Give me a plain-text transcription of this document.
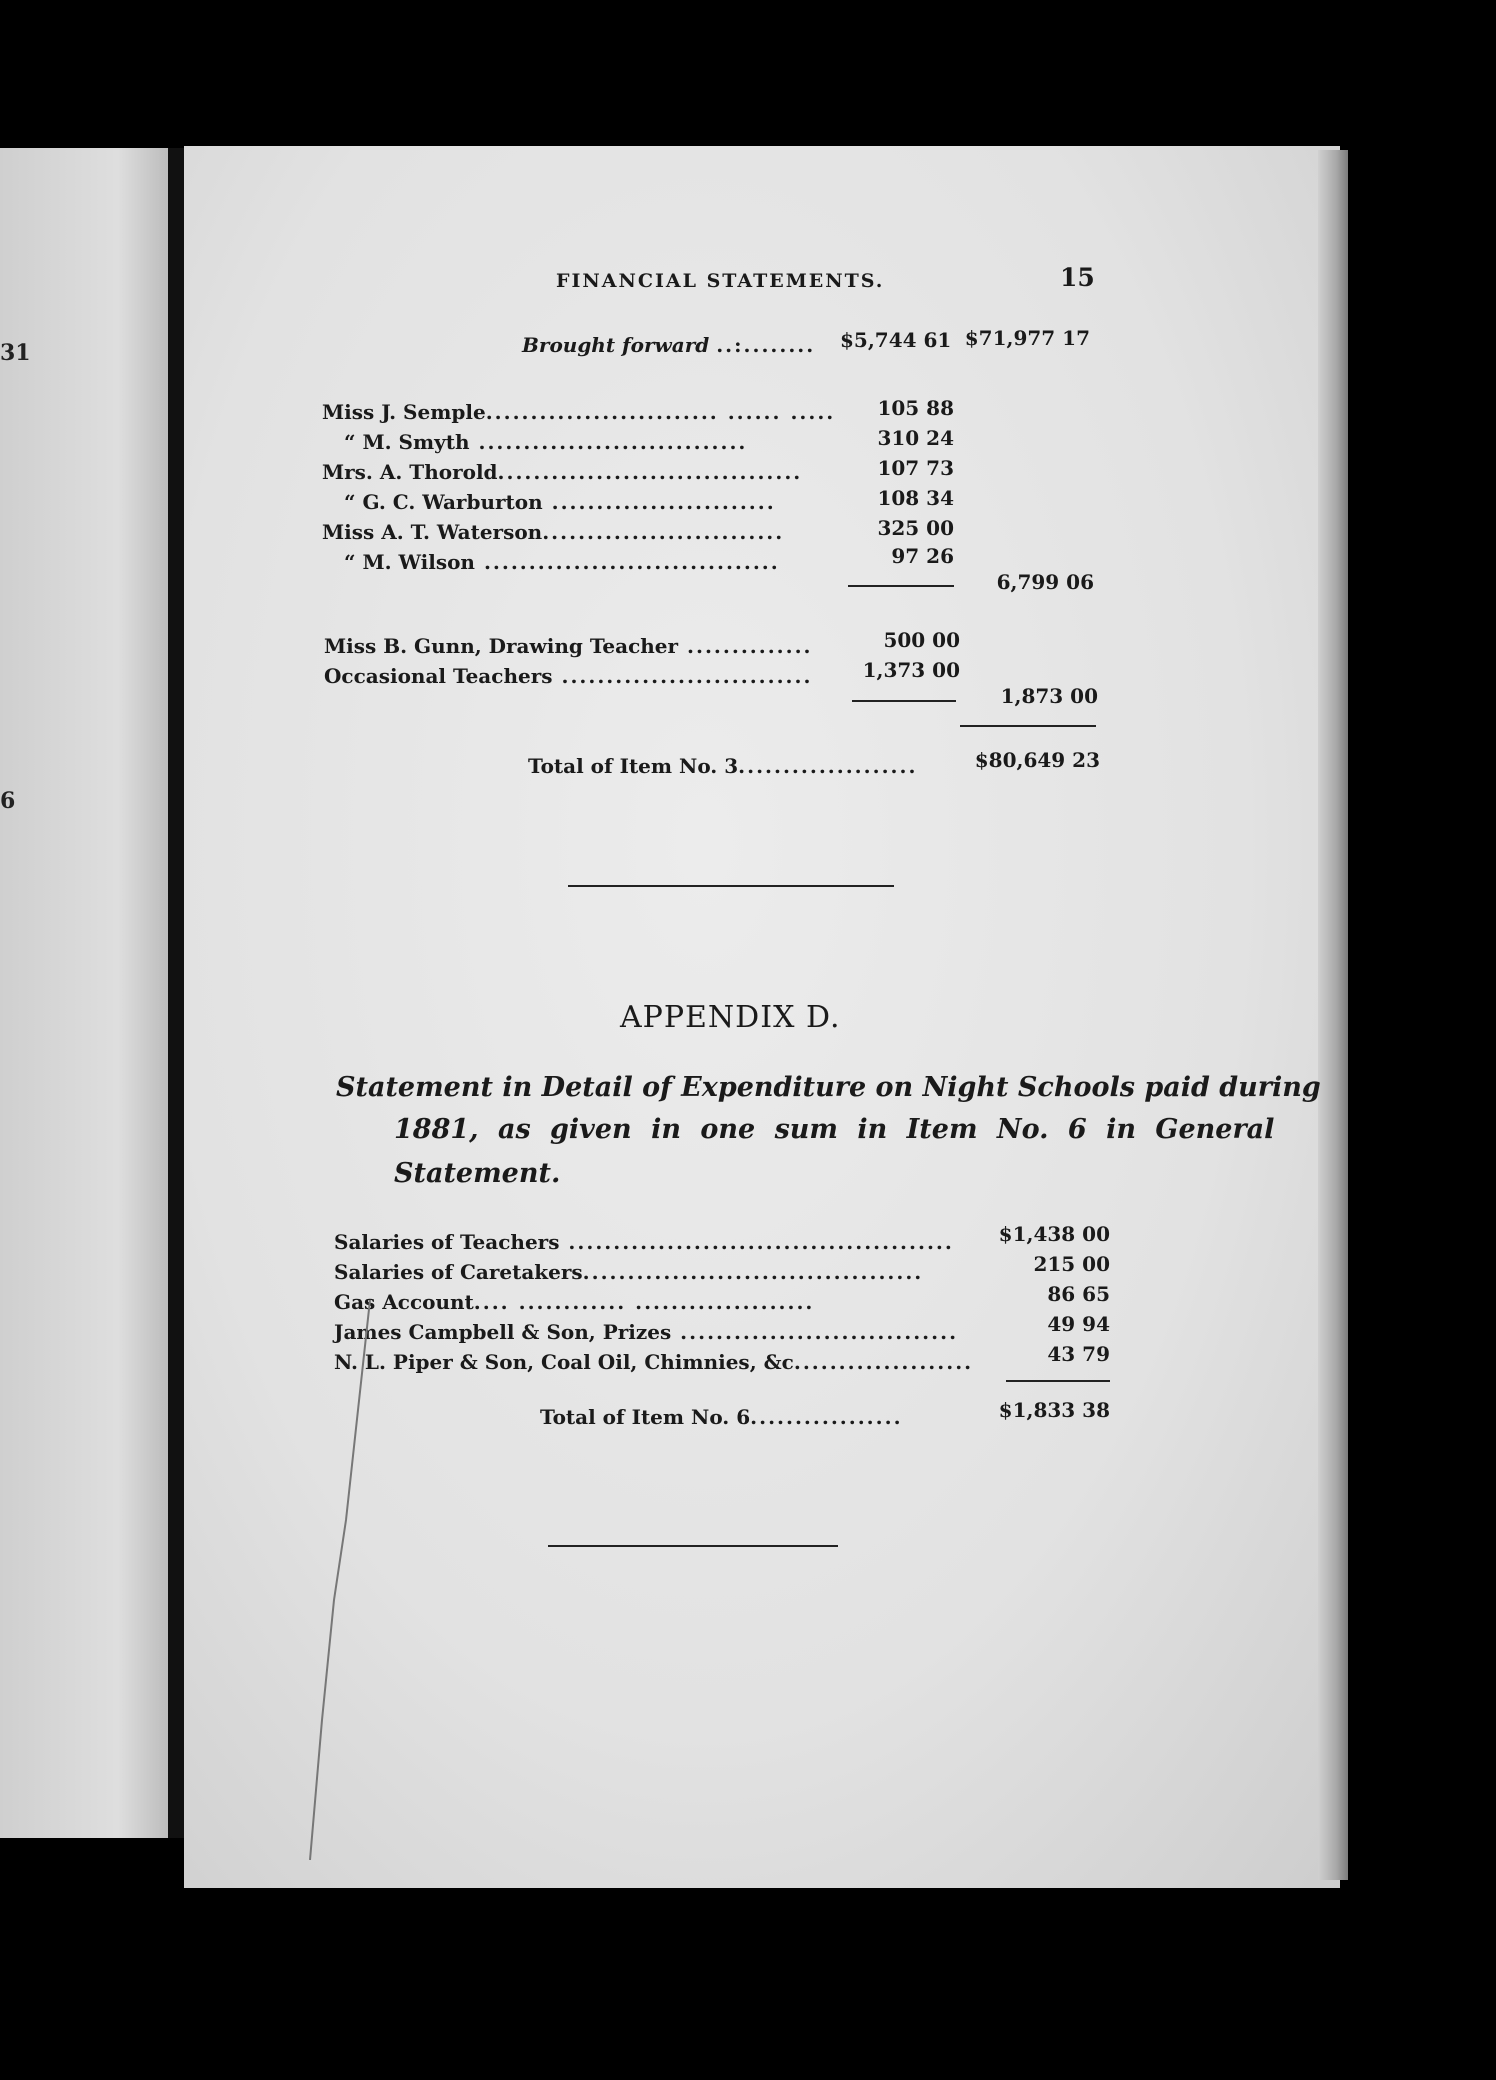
31
6
FINANCIAL STATEMENTS.	15
Brought forward ..:........ $5,744 61 $71,977 17
Miss J. Semple.......................... ...... .....	105 88
“ M. Smyth ..............................	310 24
Mrs. A. Thorold..................................	107 73
“ G. C. Warburton .........................	108 34
Miss A. T. Waterson...........................	325 00
“ M. Wilson .................................	97 26
6,799 06
Miss B. Gunn, Drawing Teacher ..............	500 00
Occasional Teachers ............................	1,373 00
1,873 00
Total of Item No. 3....................	$80,649 23
APPENDIX D.
Statement in Detail of Expenditure on Night Schools paid during
1881, as given in one sum in Item No. 6 in General
Statement.
Salaries of Teachers ...........................................	$1,438 00
Salaries of Caretakers......................................	215 00
Gas Account.... ............ ....................	86 65
James Campbell & Son, Prizes ...............................	49 94
N. L. Piper & Son, Coal Oil, Chimnies, &c....................	43 79
Total of Item No. 6.................	$1,833 38
